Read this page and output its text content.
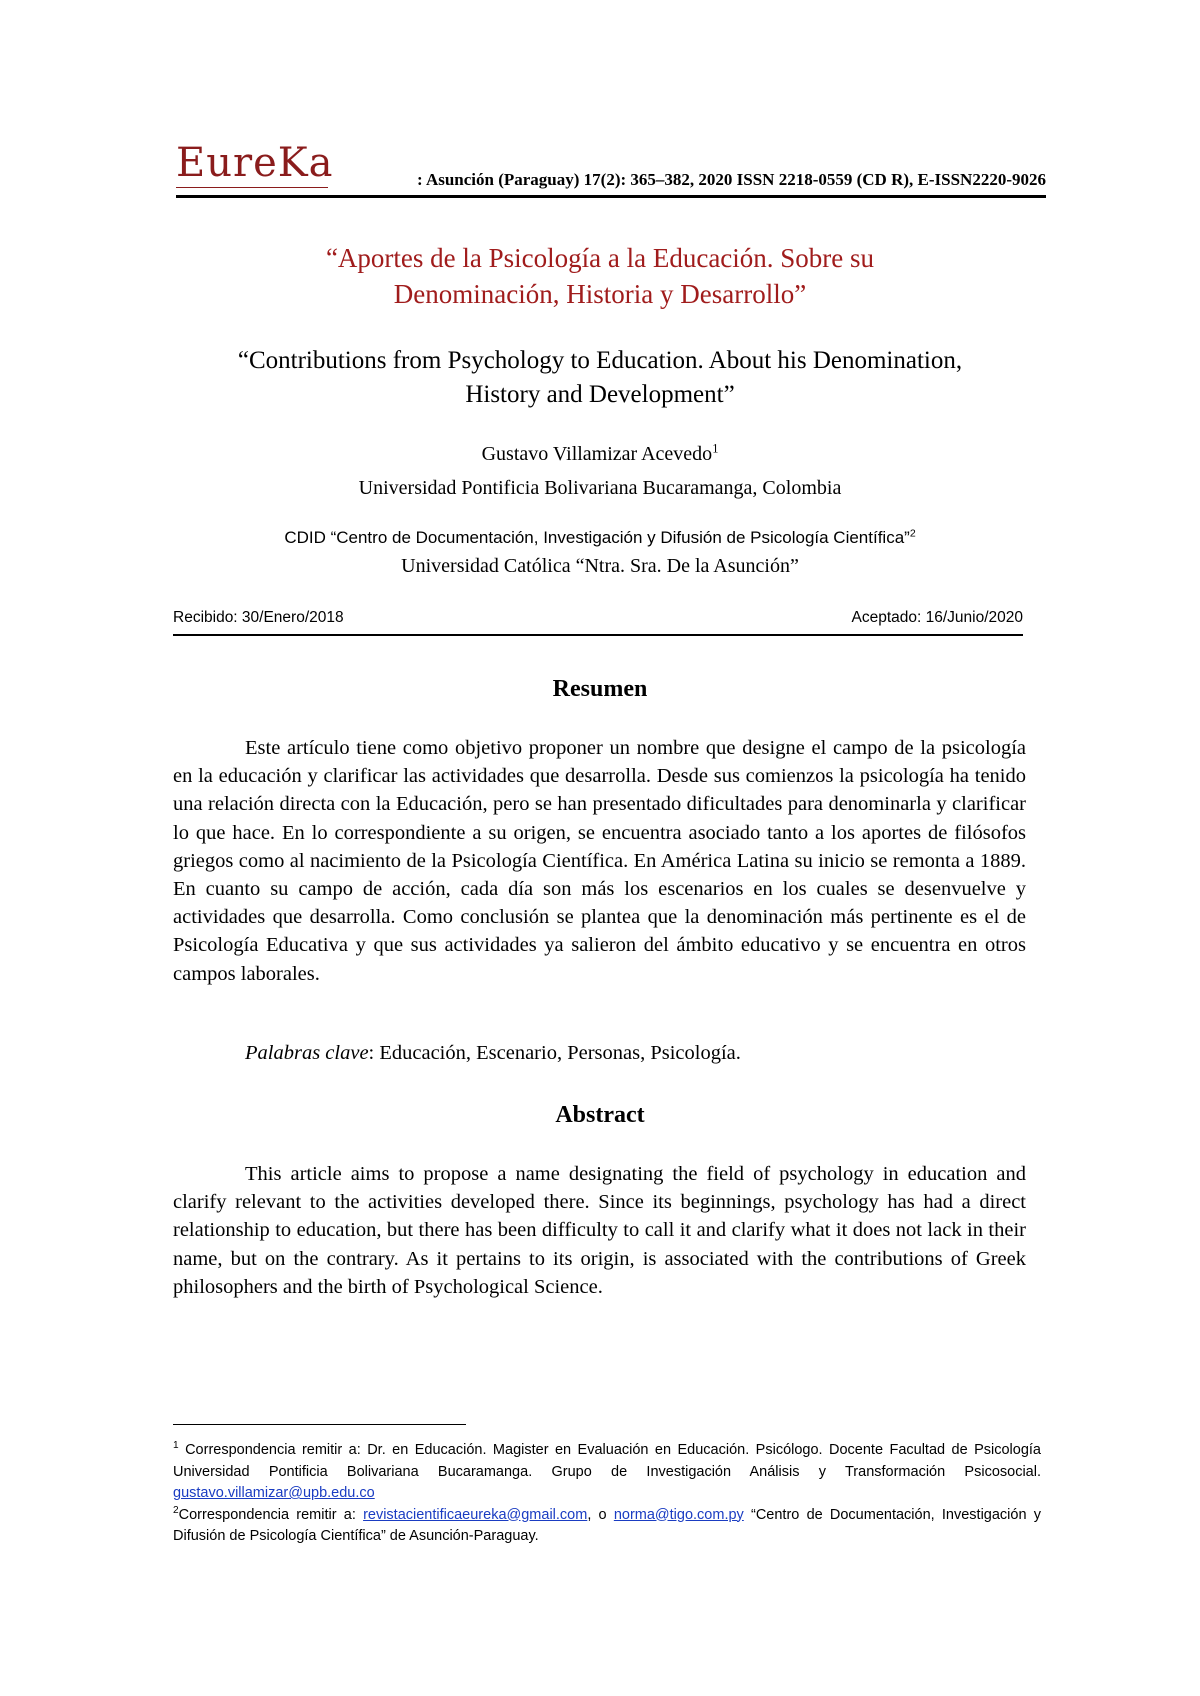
EureKa	: Asunción (Paraguay) 17(2): 365–382, 2020 ISSN 2218-0559 (CD R), E-ISSN2220-9026
“Aportes de la Psicología a la Educación. Sobre su
Denominación, Historia y Desarrollo”
“Contributions from Psychology to Education. About his Denomination,
History and Development”
Gustavo Villamizar Acevedo$^1$
Universidad Pontificia Bolivariana Bucaramanga, Colombia
CDID “Centro de Documentación, Investigación y Difusión de Psicología Científica”$^2$
Universidad Católica “Ntra. Sra. De la Asunción”
Recibido: 30/Enero/2018	Aceptado: 16/Junio/2020
Resumen

Este artículo tiene como objetivo proponer un nombre que designe el campo de la psicología en la educación y clarificar las actividades que desarrolla. Desde sus comienzos la psicología ha tenido una relación directa con la Educación, pero se han presentado dificultades para denominarla y clarificar lo que hace. En lo correspondiente a su origen, se encuentra asociado tanto a los aportes de filósofos griegos como al nacimiento de la Psicología Científica. En América Latina su inicio se remonta a 1889. En cuanto su campo de acción, cada día son más los escenarios en los cuales se desenvuelve y actividades que desarrolla. Como conclusión se plantea que la denominación más pertinente es el de Psicología Educativa y que sus actividades ya salieron del ámbito educativo y se encuentra en otros campos laborales.

Palabras clave: Educación, Escenario, Personas, Psicología.
Abstract

This article aims to propose a name designating the field of psychology in education and clarify relevant to the activities developed there. Since its beginnings, psychology has had a direct relationship to education, but there has been difficulty to call it and clarify what it does not lack in their name, but on the contrary. As it pertains to its origin, is associated with the contributions of Greek philosophers and the birth of Psychological Science.

$^1$ Correspondencia remitir a: Dr. en Educación. Magister en Evaluación en Educación. Psicólogo. Docente Facultad de Psicología Universidad Pontificia Bolivariana Bucaramanga. Grupo de Investigación Análisis y Transformación Psicosocial. gustavo.villamizar@upb.edu.co

$^2$Correspondencia remitir a: revistacientificaeureka@gmail.com, o norma@tigo.com.py “Centro de Documentación, Investigación y Difusión de Psicología Científica” de Asunción-Paraguay.
